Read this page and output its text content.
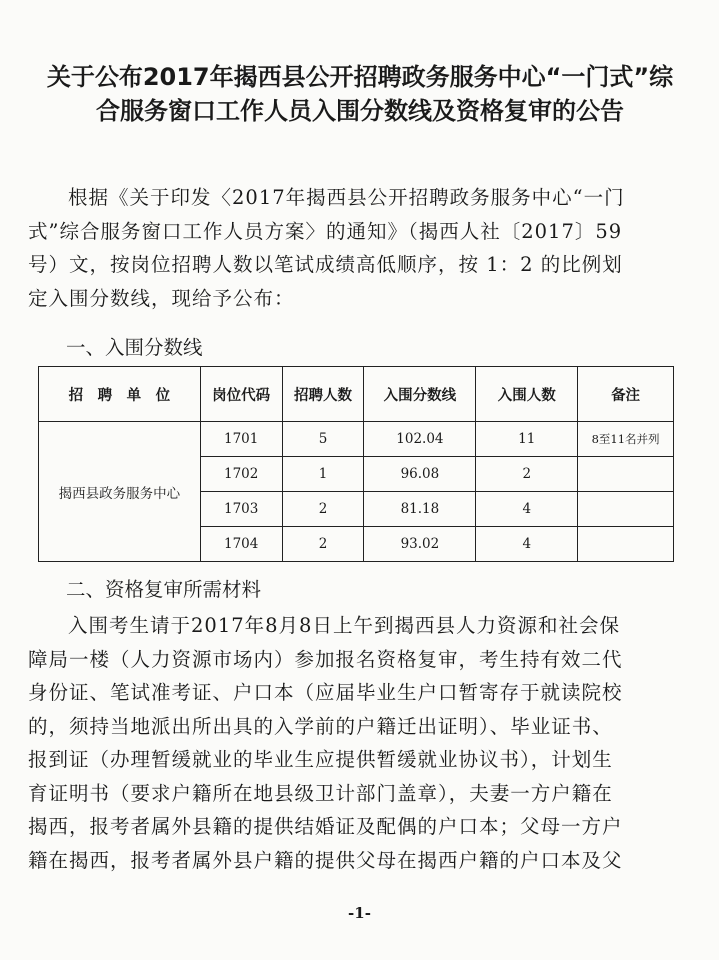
关于公布2017年揭西县公开招聘政务服务中心“一门式”综
合服务窗口工作人员入围分数线及资格复审的公告
根据《关于印发〈2017年揭西县公开招聘政务服务中心“一门
式”综合服务窗口工作人员方案〉的通知》（揭西人社〔2017〕59
号）文，按岗位招聘人数以笔试成绩高低顺序，按 1：2 的比例划
定入围分数线，现给予公布：
一、入围分数线
招　聘　单　位	岗位代码	招聘人数	入围分数线	入围人数	备注
揭西县政务服务中心	1701	5	102.04	11	8至11名并列
	1702	1	96.08	2	
	1703	2	81.18	4	
	1704	2	93.02	4	
二、资格复审所需材料
入围考生请于2017年8月8日上午到揭西县人力资源和社会保
障局一楼（人力资源市场内）参加报名资格复审，考生持有效二代
身份证、笔试准考证、户口本（应届毕业生户口暂寄存于就读院校
的，须持当地派出所出具的入学前的户籍迁出证明）、毕业证书、
报到证（办理暂缓就业的毕业生应提供暂缓就业协议书），计划生
育证明书（要求户籍所在地县级卫计部门盖章），夫妻一方户籍在
揭西，报考者属外县籍的提供结婚证及配偶的户口本；父母一方户
籍在揭西，报考者属外县户籍的提供父母在揭西户籍的户口本及父
-1-
